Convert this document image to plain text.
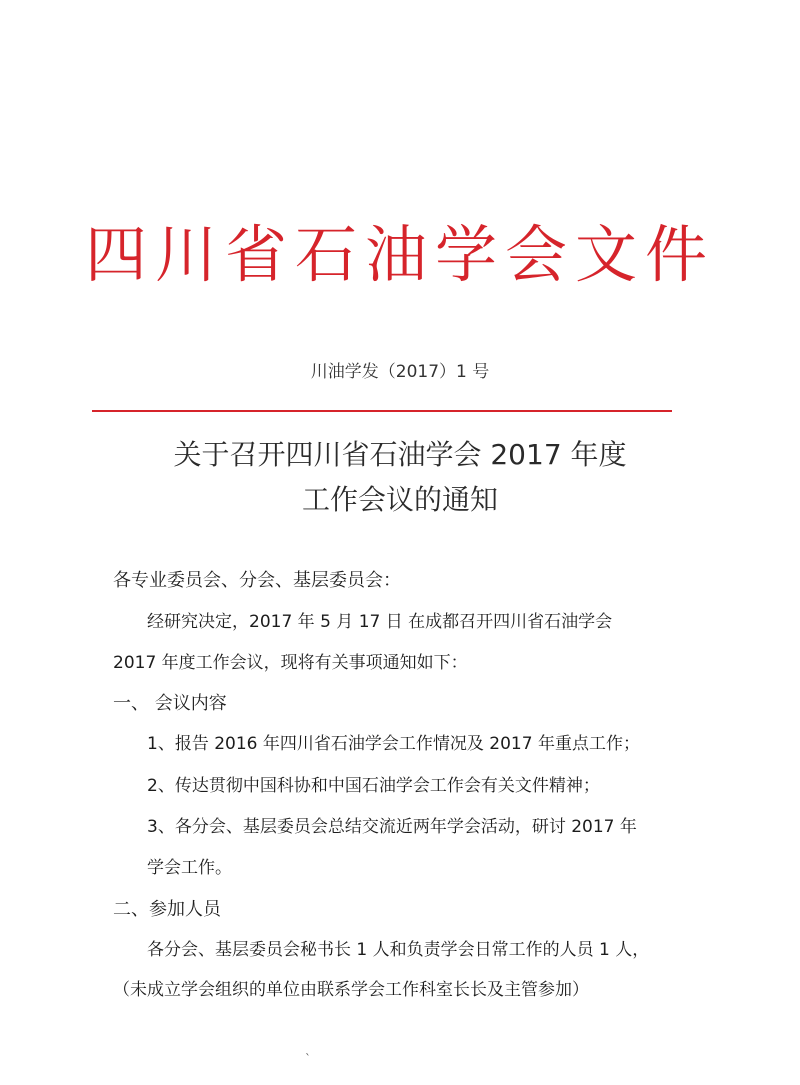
四川省石油学会文件
川油学发（2017）1 号
关于召开四川省石油学会 2017 年度
工作会议的通知
各专业委员会、分会、基层委员会：
经研究决定，2017 年 5 月 17 日 在成都召开四川省石油学会
2017 年度工作会议，现将有关事项通知如下：
一、 会议内容
1、报告 2016 年四川省石油学会工作情况及 2017 年重点工作；
2、传达贯彻中国科协和中国石油学会工作会有关文件精神；
3、各分会、基层委员会总结交流近两年学会活动，研讨 2017 年
学会工作。
二、参加人员
各分会、基层委员会秘书长 1 人和负责学会日常工作的人员 1 人，
（未成立学会组织的单位由联系学会工作科室长长及主管参加）
`
